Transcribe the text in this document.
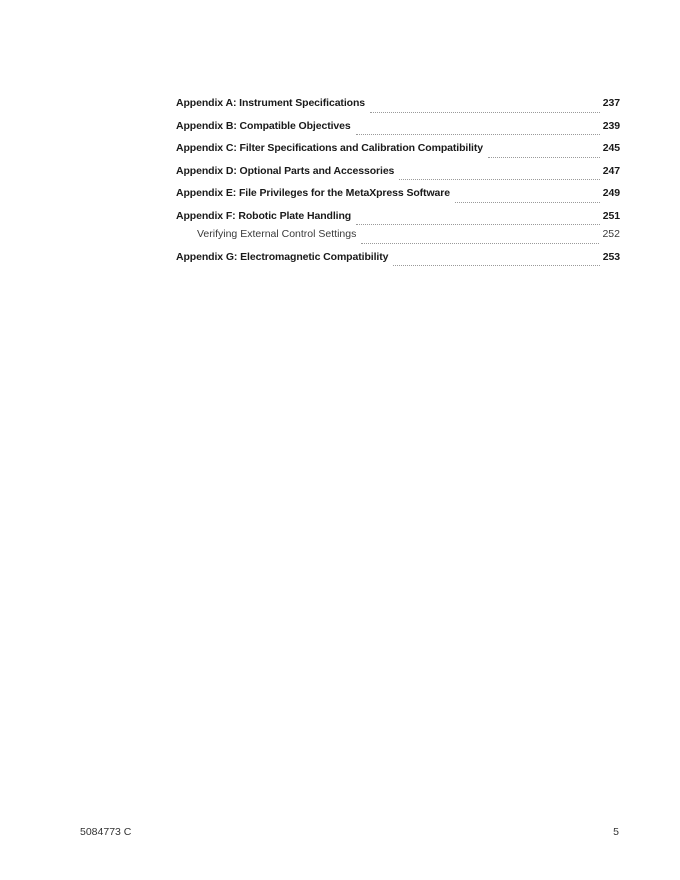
Appendix A: Instrument Specifications	237
Appendix B: Compatible Objectives	239
Appendix C: Filter Specifications and Calibration Compatibility	245
Appendix D: Optional Parts and Accessories	247
Appendix E: File Privileges for the MetaXpress Software	249
Appendix F: Robotic Plate Handling	251
Verifying External Control Settings	252
Appendix G: Electromagnetic Compatibility	253
5084773 C	5
